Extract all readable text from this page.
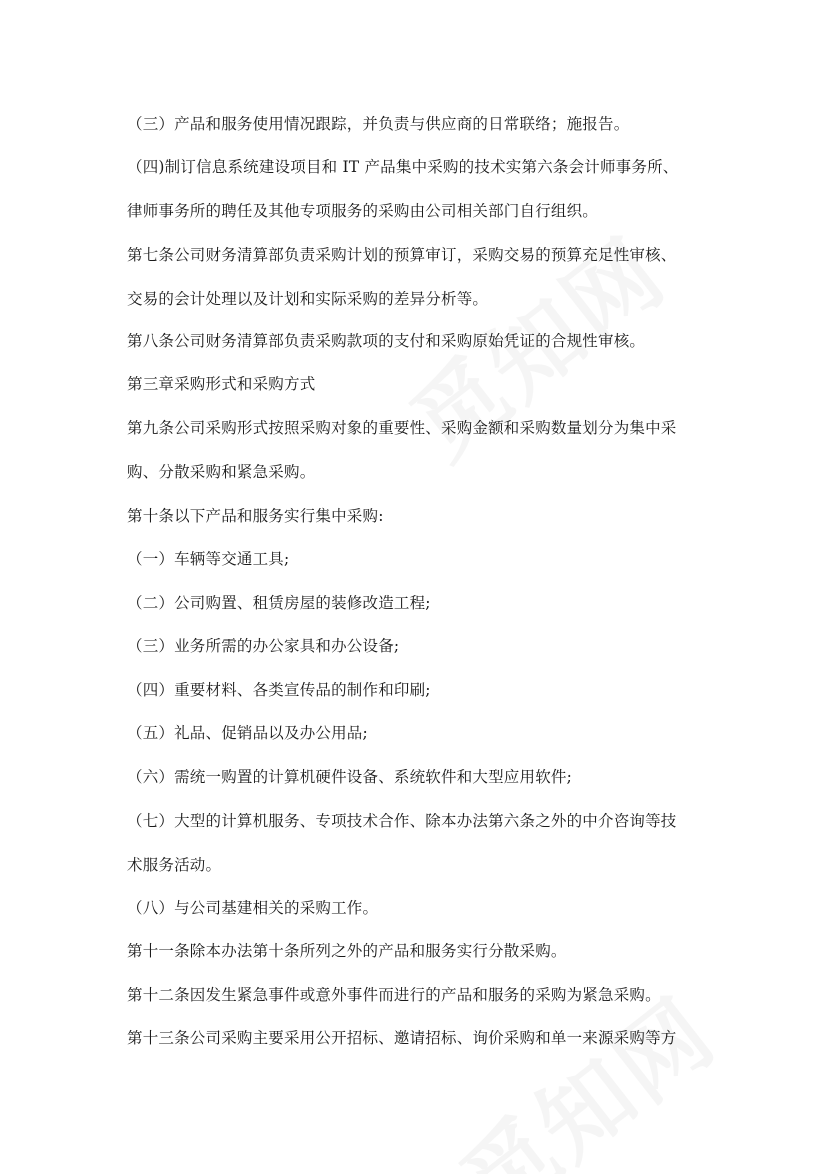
（三）产品和服务使用情况跟踪，并负责与供应商的日常联络；施报告。
（四)制订信息系统建设项目和 IT 产品集中采购的技术实第六条会计师事务所、
律师事务所的聘任及其他专项服务的采购由公司相关部门自行组织。
第七条公司财务清算部负责采购计划的预算审订，采购交易的预算充足性审核、
交易的会计处理以及计划和实际采购的差异分析等。
第八条公司财务清算部负责采购款项的支付和采购原始凭证的合规性审核。
第三章采购形式和采购方式
第九条公司采购形式按照采购对象的重要性、采购金额和采购数量划分为集中采
购、分散采购和紧急采购。
第十条以下产品和服务实行集中采购:
（一）车辆等交通工具;
（二）公司购置、租赁房屋的装修改造工程;
（三）业务所需的办公家具和办公设备;
（四）重要材料、各类宣传品的制作和印刷;
（五）礼品、促销品以及办公用品;
（六）需统一购置的计算机硬件设备、系统软件和大型应用软件;
（七）大型的计算机服务、专项技术合作、除本办法第六条之外的中介咨询等技
术服务活动。
（八）与公司基建相关的采购工作。
第十一条除本办法第十条所列之外的产品和服务实行分散采购。
第十二条因发生紧急事件或意外事件而进行的产品和服务的采购为紧急采购。
第十三条公司采购主要采用公开招标、邀请招标、询价采购和单一来源采购等方
